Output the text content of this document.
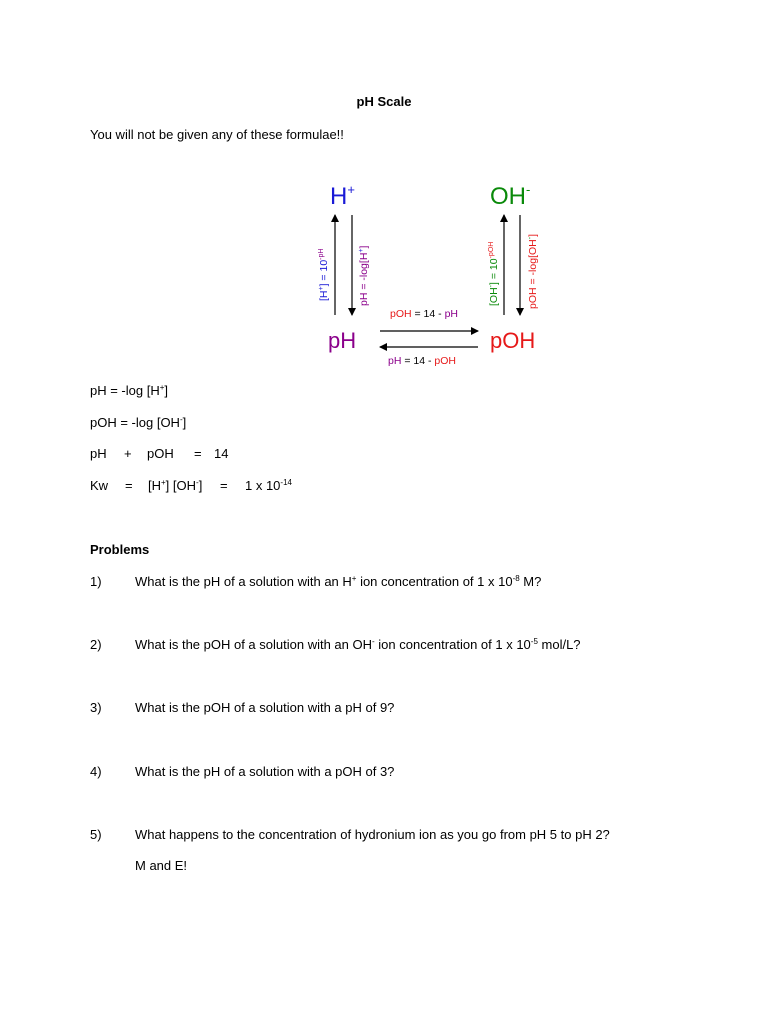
pH Scale
You will not be given any of these formulae!!
H+	OH-
pH	pOH
$[H^+] = 10^{-pH}$	pH = -log[H+]
$[OH^-] = 10^{-pOH}$	pOH = -log[OH-]
pOH = 14 - pH
pH = 14 - pOH
pH = -log [H+]
pOH = -log [OH-]
pH + pOH = 14
Kw = [H+] [OH-] = 1 x $10^{-14}$
Problems
1)	What is the pH of a solution with an H+ ion concentration of 1 x $10^{-8}$ M?
2)	What is the pOH of a solution with an OH- ion concentration of 1 x $10^{-5}$ mol/L?
3)	What is the pOH of a solution with a pH of 9?
4)	What is the pH of a solution with a pOH of 3?
5)	What happens to the concentration of hydronium ion as you go from pH 5 to pH 2?
M and E!
